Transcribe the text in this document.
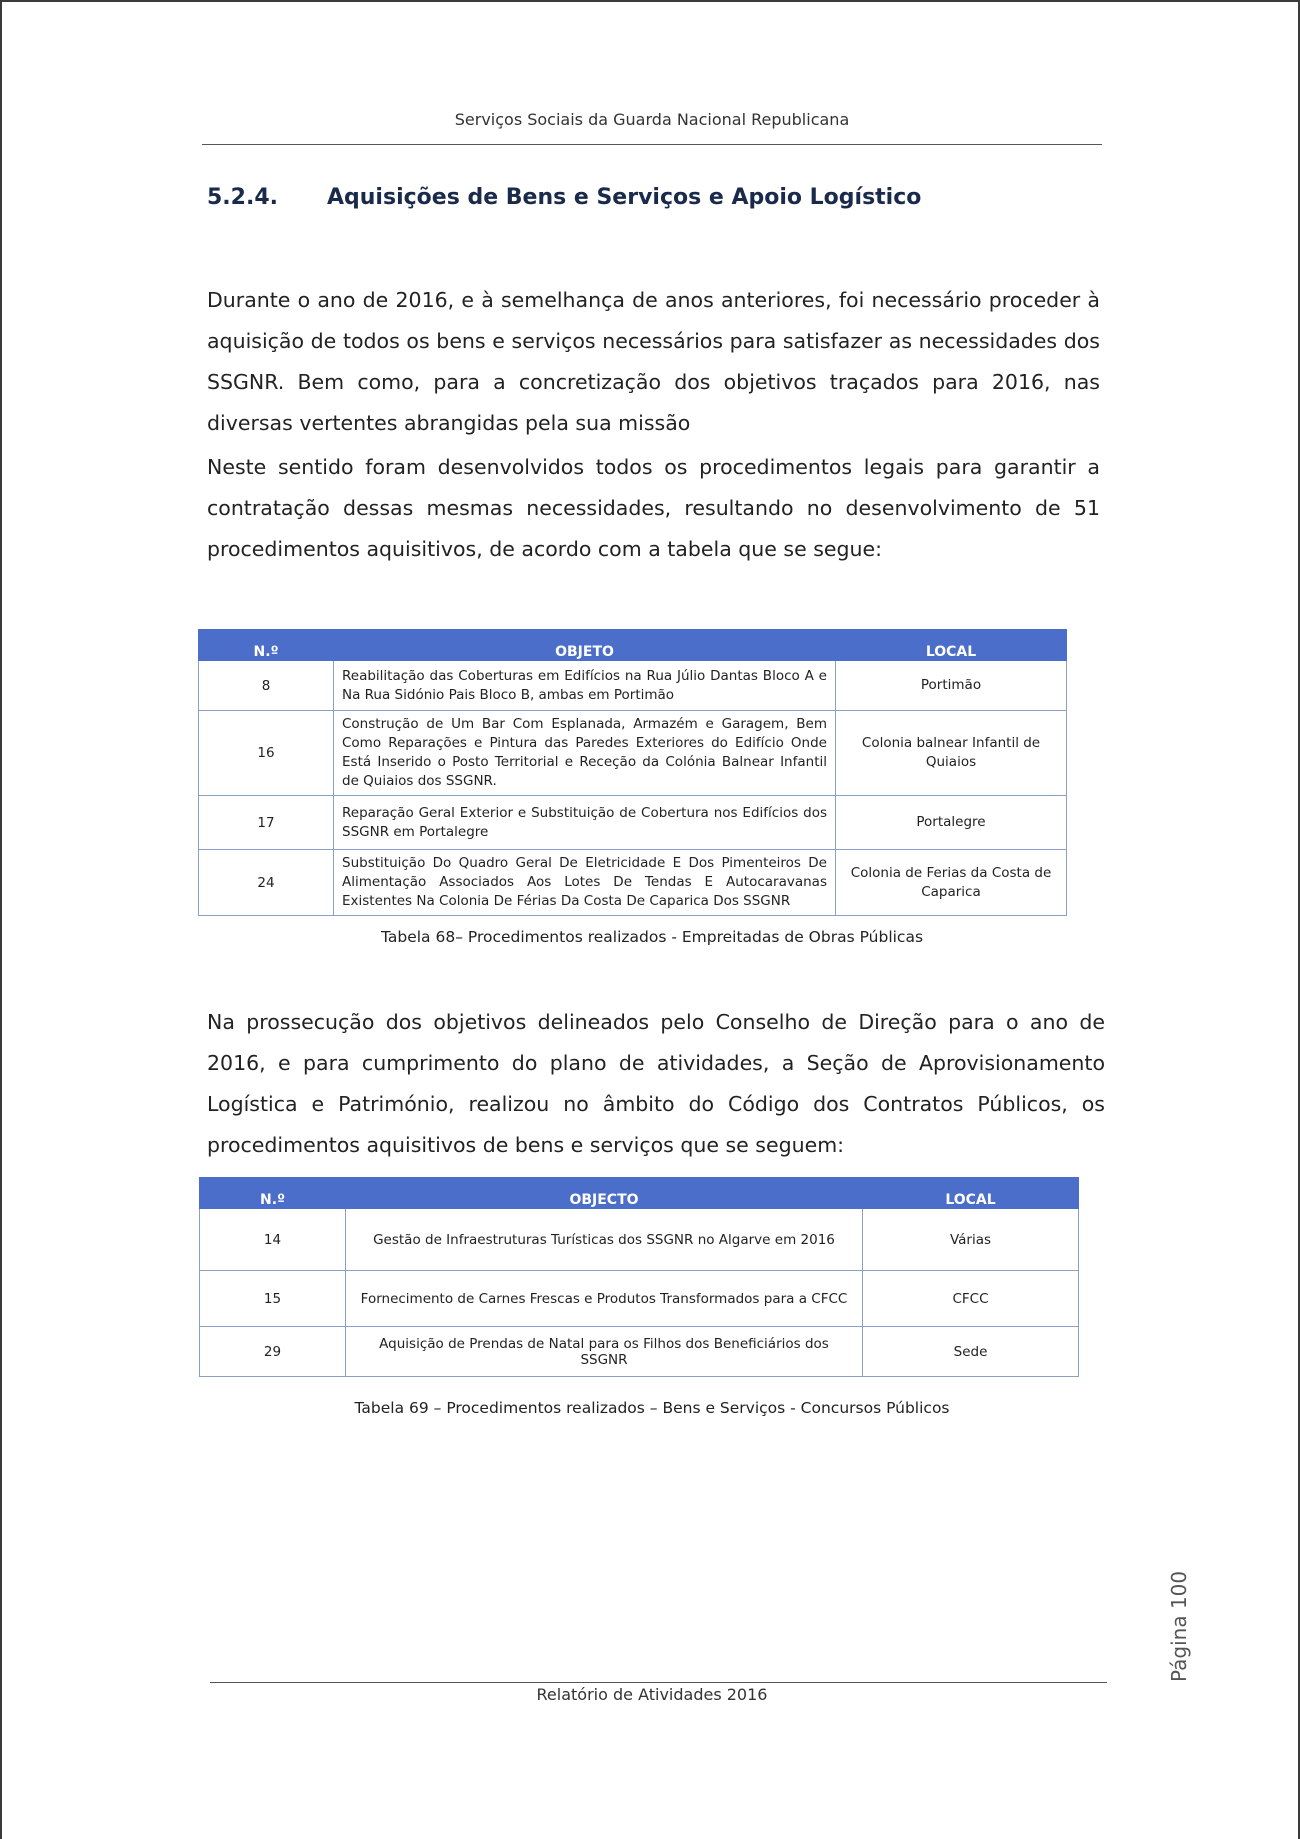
Serviços Sociais da Guarda Nacional Republicana
5.2.4. Aquisições de Bens e Serviços e Apoio Logístico
Durante o ano de 2016, e à semelhança de anos anteriores, foi necessário proceder à aquisição de todos os bens e serviços necessários para satisfazer as necessidades dos SSGNR. Bem como, para a concretização dos objetivos traçados para 2016, nas diversas vertentes abrangidas pela sua missão
Neste sentido foram desenvolvidos todos os procedimentos legais para garantir a contratação dessas mesmas necessidades, resultando no desenvolvimento de 51 procedimentos aquisitivos, de acordo com a tabela que se segue:
N.º	OBJETO	LOCAL
8	Reabilitação das Coberturas em Edifícios na Rua Júlio Dantas Bloco A e Na Rua Sidónio Pais Bloco B, ambas em Portimão	Portimão
16	Construção de Um Bar Com Esplanada, Armazém e Garagem, Bem Como Reparações e Pintura das Paredes Exteriores do Edifício Onde Está Inserido o Posto Territorial e Receção da Colónia Balnear Infantil de Quiaios dos SSGNR.	Colonia balnear Infantil de Quiaios
17	Reparação Geral Exterior e Substituição de Cobertura nos Edifícios dos SSGNR em Portalegre	Portalegre
24	Substituição Do Quadro Geral De Eletricidade E Dos Pimenteiros De Alimentação Associados Aos Lotes De Tendas E Autocaravanas Existentes Na Colonia De Férias Da Costa De Caparica Dos SSGNR	Colonia de Ferias da Costa de Caparica
Tabela 68– Procedimentos realizados - Empreitadas de Obras Públicas
Na prossecução dos objetivos delineados pelo Conselho de Direção para o ano de 2016, e para cumprimento do plano de atividades, a Seção de Aprovisionamento Logística e Património, realizou no âmbito do Código dos Contratos Públicos, os procedimentos aquisitivos de bens e serviços que se seguem:
N.º	OBJECTO	LOCAL
14	Gestão de Infraestruturas Turísticas dos SSGNR no Algarve em 2016	Várias
15	Fornecimento de Carnes Frescas e Produtos Transformados para a CFCC	CFCC
29	Aquisição de Prendas de Natal para os Filhos dos Beneficiários dos SSGNR	Sede
Tabela 69 – Procedimentos realizados – Bens e Serviços - Concursos Públicos
Página 100
Relatório de Atividades 2016
